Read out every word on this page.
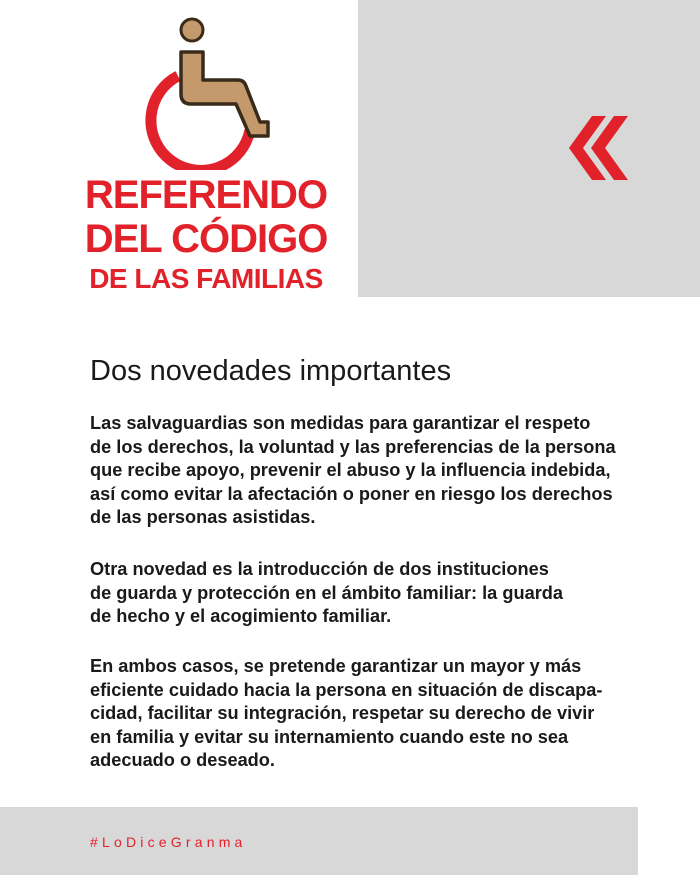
REFERENDO
DEL CÓDIGO
DE LAS FAMILIAS
Dos novedades importantes
Las salvaguardias son medidas para garantizar el respeto
de los derechos, la voluntad y las preferencias de la persona
que recibe apoyo, prevenir el abuso y la influencia indebida,
así como evitar la afectación o poner en riesgo los derechos
de las personas asistidas.
Otra novedad es la introducción de dos instituciones
de guarda y protección en el ámbito familiar: la guarda
de hecho y el acogimiento familiar.
En ambos casos, se pretende garantizar un mayor y más
eficiente cuidado hacia la persona en situación de discapa-
cidad, facilitar su integración, respetar su derecho de vivir
en familia y evitar su internamiento cuando este no sea
adecuado o deseado.
#LoDiceGranma
